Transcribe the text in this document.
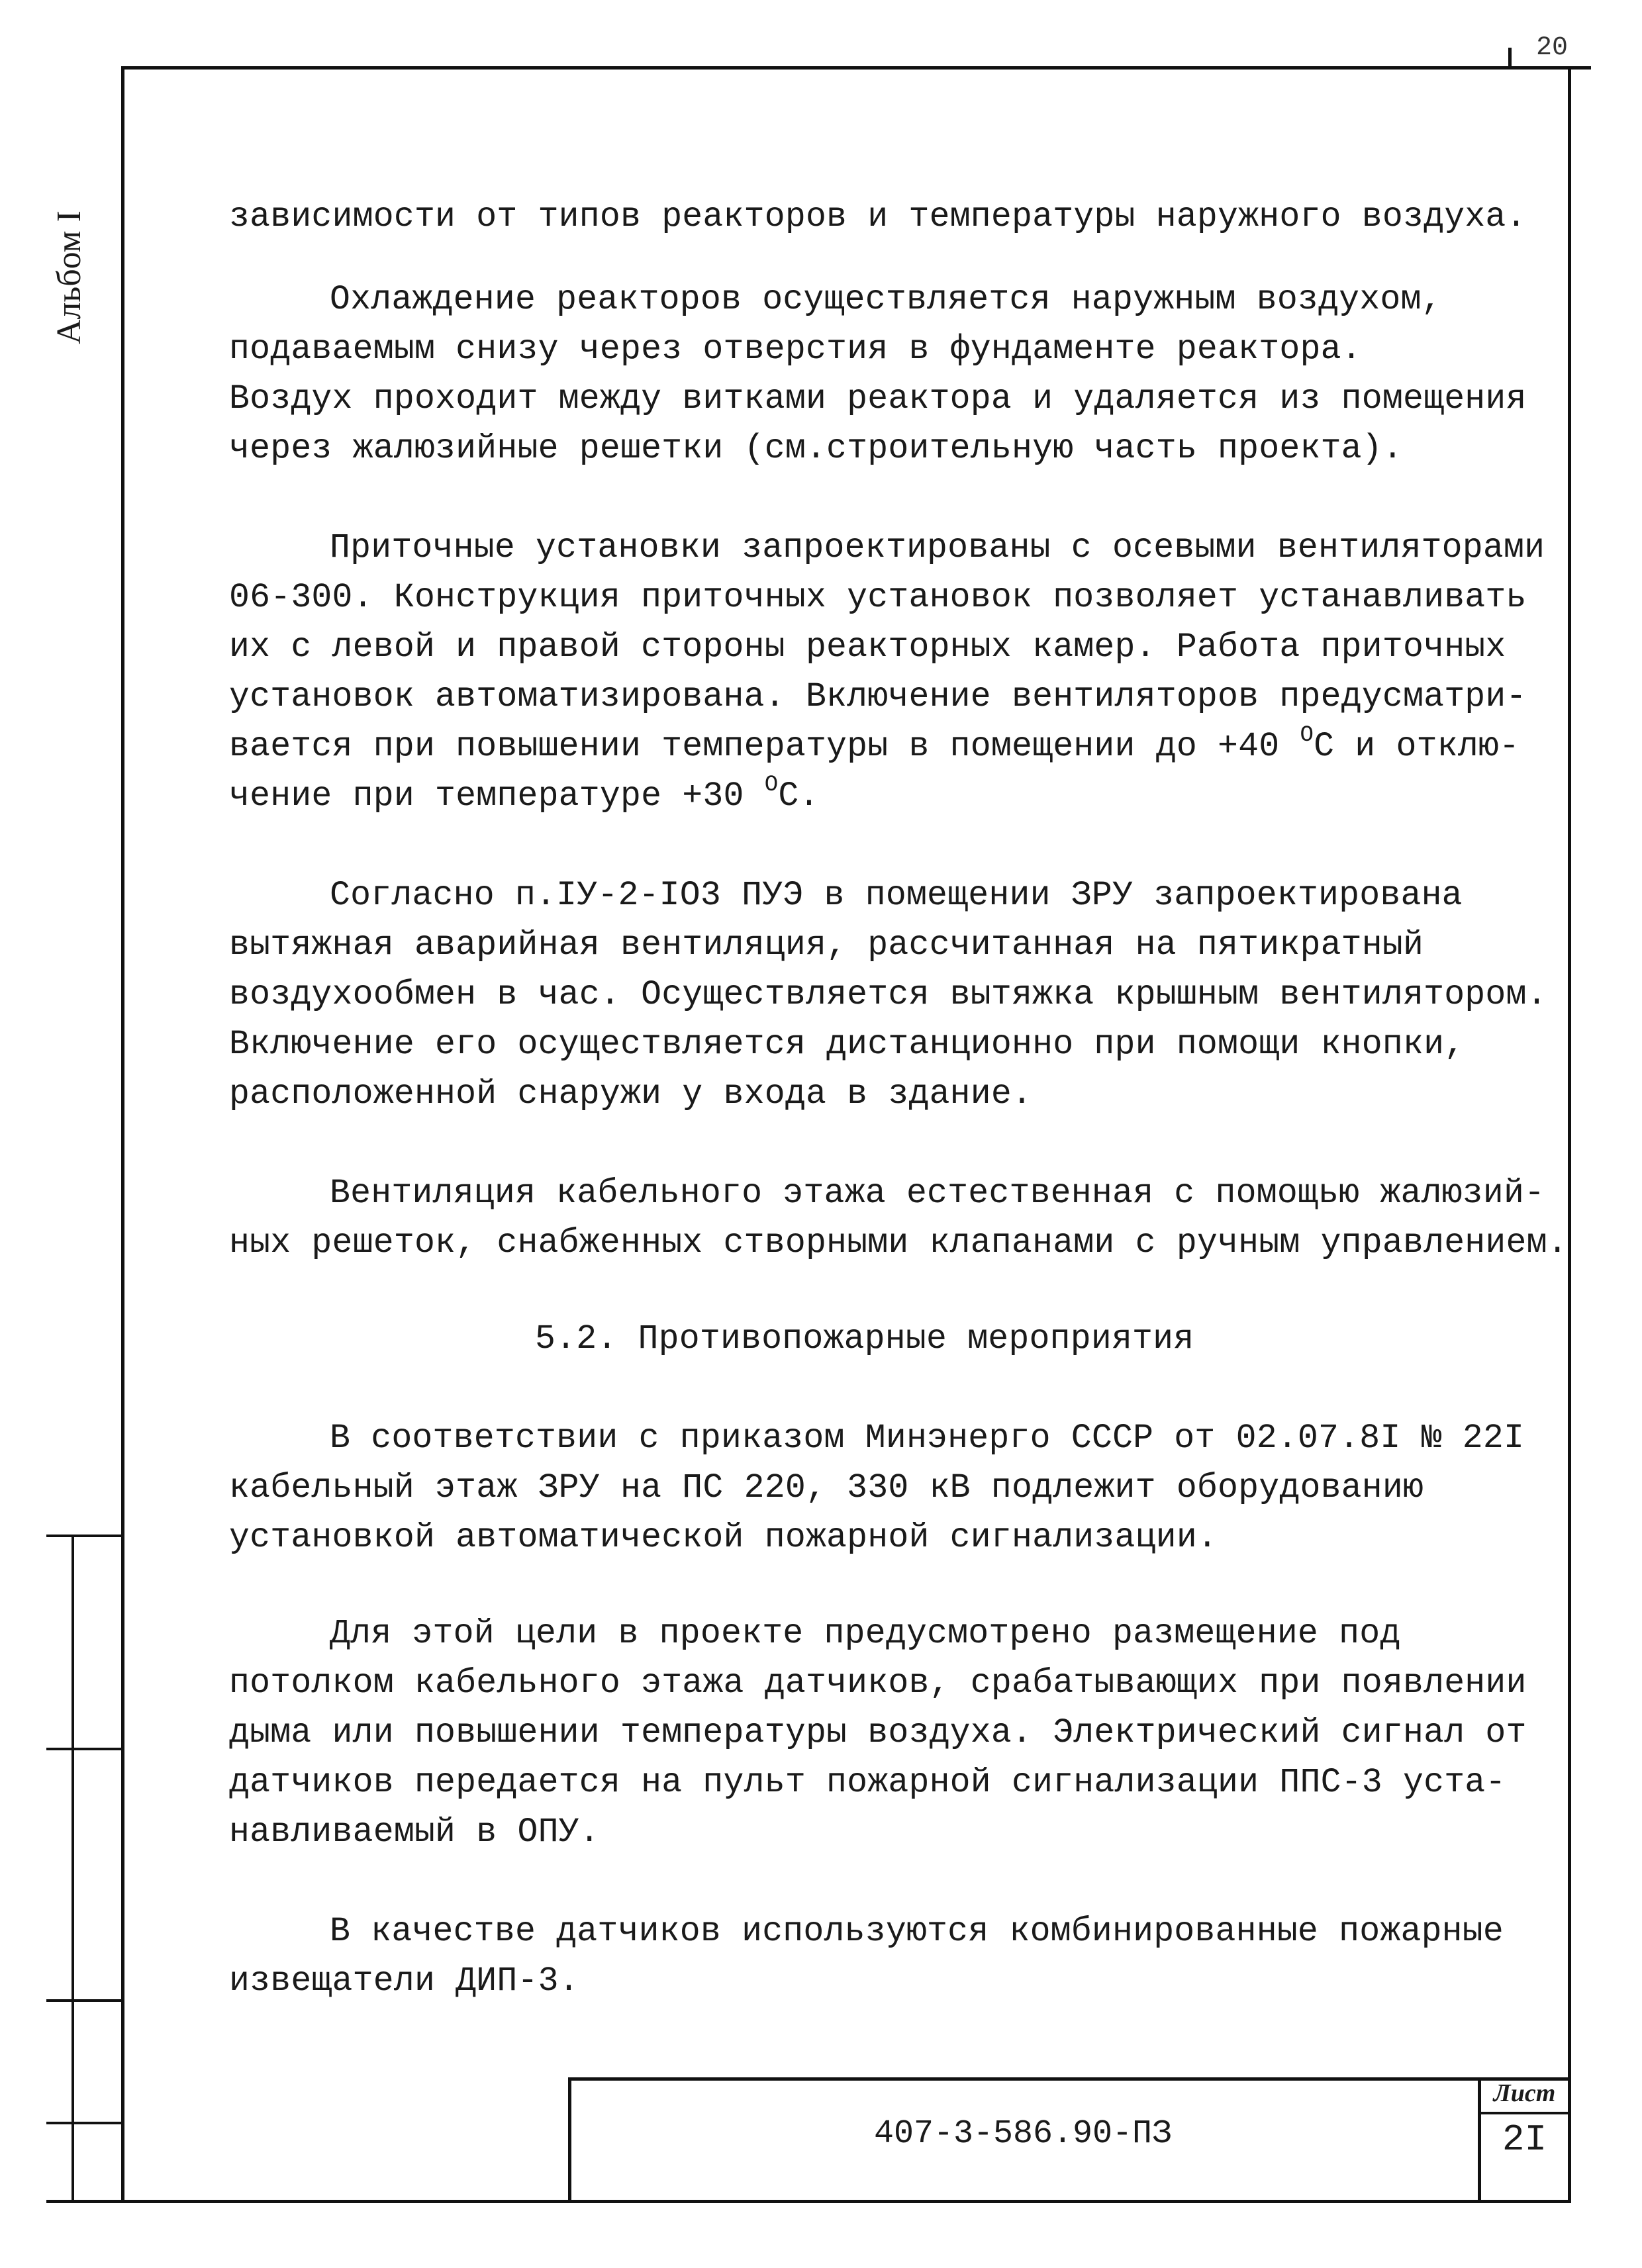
20
Альбом I	зависимости от типов реакторов и температуры наружного воздуха.
Охлаждение реакторов осуществляется наружным воздухом,
подаваемым снизу через отверстия в фундаменте реактора.
Воздух проходит между витками реактора и удаляется из помещения
через жалюзийные решетки (см.строительную часть проекта).
Приточные установки запроектированы с осевыми вентиляторами
06-300. Конструкция приточных установок позволяет устанавливать
их с левой и правой стороны реакторных камер. Работа приточных
установок автоматизирована. Включение вентиляторов предусматри-
вается при повышении температуры в помещении до +40 $^О$С и отклю-
чение при температуре +30 $^О$С.
Согласно п.IУ-2-IO3 ПУЭ в помещении ЗРУ запроектирована
вытяжная аварийная вентиляция, рассчитанная на пятикратный
воздухообмен в час. Осуществляется вытяжка крышным вентилятором.
Включение его осуществляется дистанционно при помощи кнопки,
расположенной снаружи у входа в здание.
Вентиляция кабельного этажа естественная с помощью жалюзий-
ных решеток, снабженных створными клапанами с ручным управлением.
5.2. Противопожарные мероприятия
В соответствии с приказом Минэнерго СССР от 02.07.8I № 22I
кабельный этаж ЗРУ на ПС 220, 330 кВ подлежит оборудованию
установкой автоматической пожарной сигнализации.
Для этой цели в проекте предусмотрено размещение под
потолком кабельного этажа датчиков, срабатывающих при появлении
дыма или повышении температуры воздуха. Электрический сигнал от
датчиков передается на пульт пожарной сигнализации ППС-3 уста-
навливаемый в ОПУ.
В качестве датчиков используются комбинированные пожарные
извещатели ДИП-3.
407-3-586.90-ПЗ
Лист
2I
